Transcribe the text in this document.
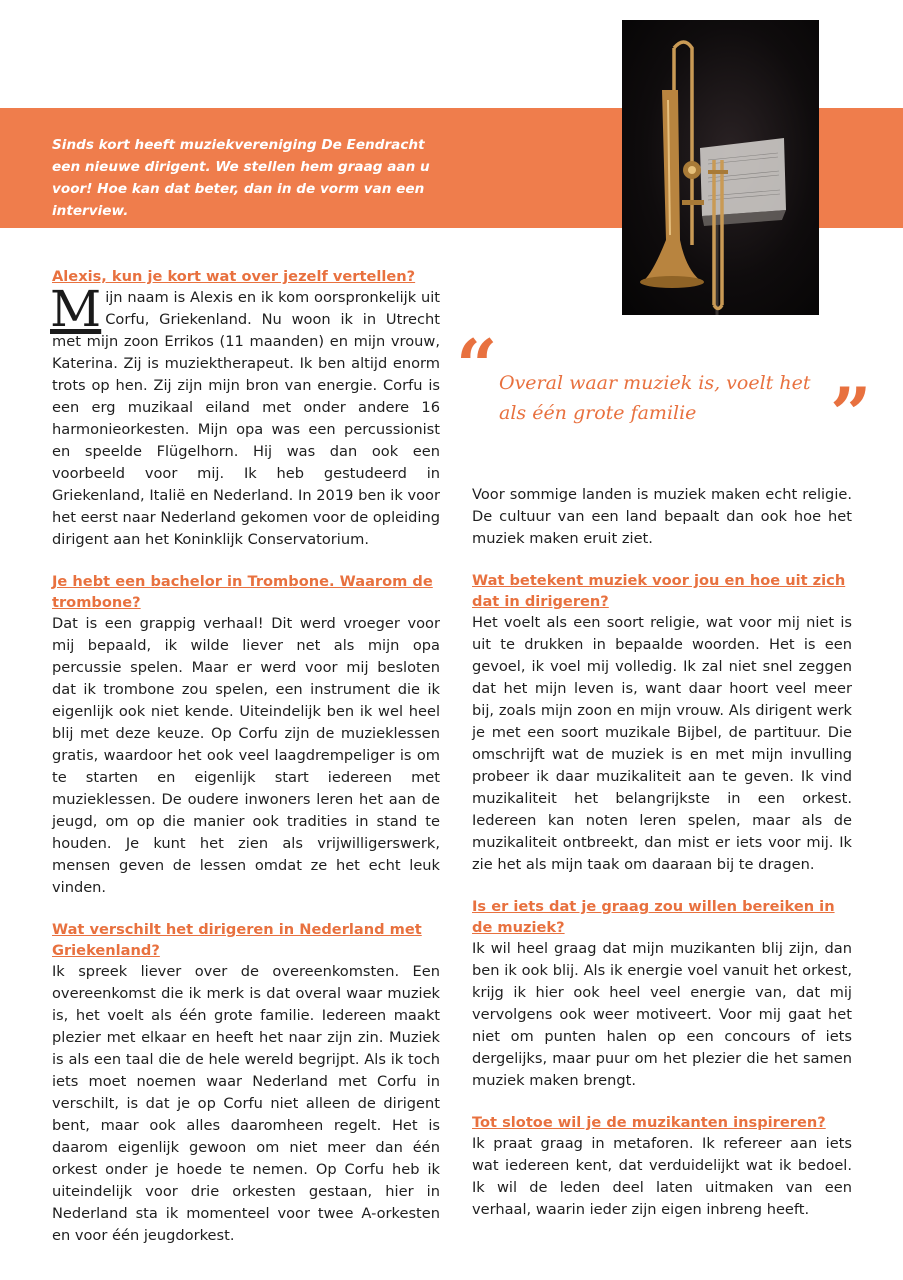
Sinds kort heeft muziekvereniging De Eendracht een nieuwe dirigent. We stellen hem graag aan u voor! Hoe kan dat beter, dan in de vorm van een interview.
“ Overal waar muziek is, voelt het als één grote familie	”

Alexis, kun je kort wat over jezelf vertellen?

Mijn naam is Alexis en ik kom oorspronkelijk uit Corfu, Griekenland. Nu woon ik in Utrecht met mijn zoon Errikos (11 maanden) en mijn vrouw, Katerina. Zij is muziektherapeut. Ik ben altijd enorm trots op hen. Zij zijn mijn bron van energie. Corfu is een erg muzikaal eiland met onder andere 16 harmonieorkesten. Mijn opa was een percussionist en speelde Flügelhorn. Hij was dan ook een voorbeeld voor mij. Ik heb gestudeerd in Griekenland, Italië en Nederland. In 2019 ben ik voor het eerst naar Nederland gekomen voor de opleiding dirigent aan het Koninklijk Conservatorium.

Je hebt een bachelor in Trombone. Waarom de trombone?

Dat is een grappig verhaal! Dit werd vroeger voor mij bepaald, ik wilde liever net als mijn opa percussie spelen. Maar er werd voor mij besloten dat ik trombone zou spelen, een instrument die ik eigenlijk ook niet kende. Uiteindelijk ben ik wel heel blij met deze keuze. Op Corfu zijn de muzieklessen gratis, waardoor het ook veel laagdrempeliger is om te starten en eigenlijk start iedereen met muzieklessen. De oudere inwoners leren het aan de jeugd, om op die manier ook tradities in stand te houden. Je kunt het zien als vrijwilligerswerk, mensen geven de lessen omdat ze het echt leuk vinden.

Wat verschilt het dirigeren in Nederland met Griekenland?

Ik spreek liever over de overeenkomsten. Een overeenkomst die ik merk is dat overal waar muziek is, het voelt als één grote familie. Iedereen maakt plezier met elkaar en heeft het naar zijn zin. Muziek is als een taal die de hele wereld begrijpt. Als ik toch iets moet noemen waar Nederland met Corfu in verschilt, is dat je op Corfu niet alleen de dirigent bent, maar ook alles daaromheen regelt. Het is daarom eigenlijk gewoon om niet meer dan één orkest onder je hoede te nemen. Op Corfu heb ik uiteindelijk voor drie orkesten gestaan, hier in Nederland sta ik momenteel voor twee A-orkesten en voor één jeugdorkest.

Voor sommige landen is muziek maken echt religie. De cultuur van een land bepaalt dan ook hoe het muziek maken eruit ziet.

Wat betekent muziek voor jou en hoe uit zich dat in dirigeren?

Het voelt als een soort religie, wat voor mij niet is uit te drukken in bepaalde woorden. Het is een gevoel, ik voel mij volledig. Ik zal niet snel zeggen dat het mijn leven is, want daar hoort veel meer bij, zoals mijn zoon en mijn vrouw. Als dirigent werk je met een soort muzikale Bijbel, de partituur. Die omschrijft wat de muziek is en met mijn invulling probeer ik daar muzikaliteit aan te geven. Ik vind muzikaliteit het belangrijkste in een orkest. Iedereen kan noten leren spelen, maar als de muzikaliteit ontbreekt, dan mist er iets voor mij. Ik zie het als mijn taak om daaraan bij te dragen.

Is er iets dat je graag zou willen bereiken in de muziek?

Ik wil heel graag dat mijn muzikanten blij zijn, dan ben ik ook blij. Als ik energie voel vanuit het orkest, krijg ik hier ook heel veel energie van, dat mij vervolgens ook weer motiveert. Voor mij gaat het niet om punten halen op een concours of iets dergelijks, maar puur om het plezier die het samen muziek maken brengt.

Tot slotoe wil je de muzikanten inspireren?

Ik praat graag in metaforen. Ik refereer aan iets wat iedereen kent, dat verduidelijkt wat ik bedoel. Ik wil de leden deel laten uitmaken van een verhaal, waarin ieder zijn eigen inbreng heeft.
